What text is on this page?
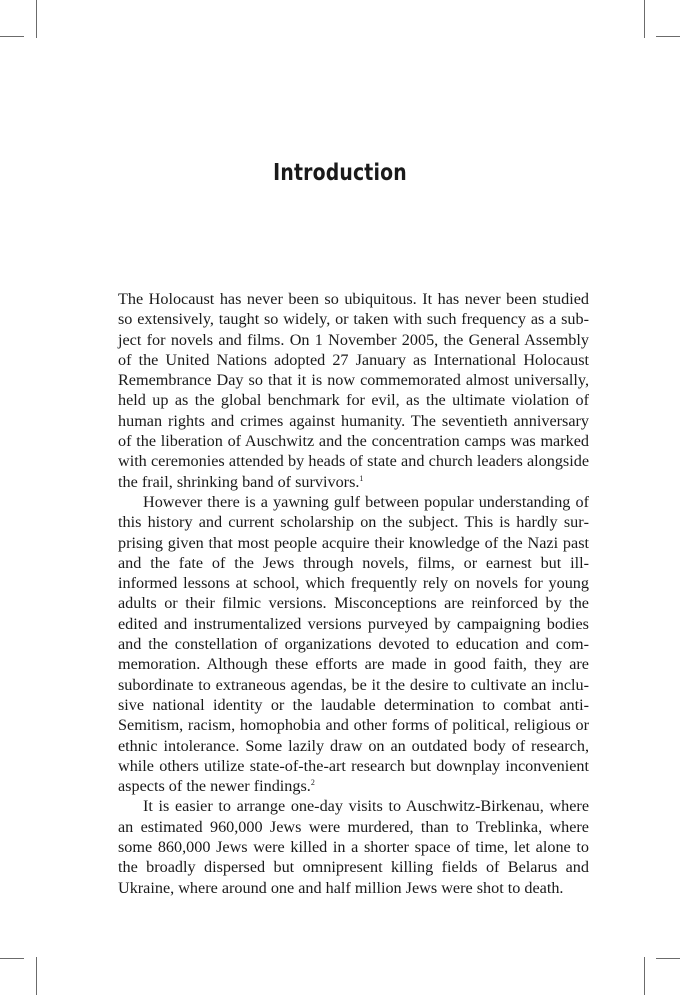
Introduction

The Holocaust has never been so ubiquitous. It has never been studied so extensively, taught so widely, or taken with such frequency as a subject for novels and films. On 1 November 2005, the General Assembly of the United Nations adopted 27 January as International Holocaust Remembrance Day so that it is now commemorated almost universally, held up as the global benchmark for evil, as the ultimate violation of human rights and crimes against humanity. The seventieth anniversary of the liberation of Auschwitz and the concentration camps was marked with ceremonies attended by heads of state and church leaders alongside the frail, shrinking band of survivors.$^1$

However there is a yawning gulf between popular understanding of this history and current scholarship on the subject. This is hardly surprising given that most people acquire their knowledge of the Nazi past and the fate of the Jews through novels, films, or earnest but ill-informed lessons at school, which frequently rely on novels for young adults or their filmic versions. Misconceptions are reinforced by the edited and instrumentalized versions purveyed by campaigning bodies and the constellation of organizations devoted to education and commemoration. Although these efforts are made in good faith, they are subordinate to extraneous agendas, be it the desire to cultivate an inclusive national identity or the laudable determination to combat anti-Semitism, racism, homophobia and other forms of political, religious or ethnic intolerance. Some lazily draw on an outdated body of research, while others utilize state-of-the-art research but downplay inconvenient aspects of the newer findings.$^2$

It is easier to arrange one-day visits to Auschwitz-Birkenau, where an estimated 960,000 Jews were murdered, than to Treblinka, where some 860,000 Jews were killed in a shorter space of time, let alone to the broadly dispersed but omnipresent killing fields of Belarus and Ukraine, where around one and half million Jews were shot to death.
